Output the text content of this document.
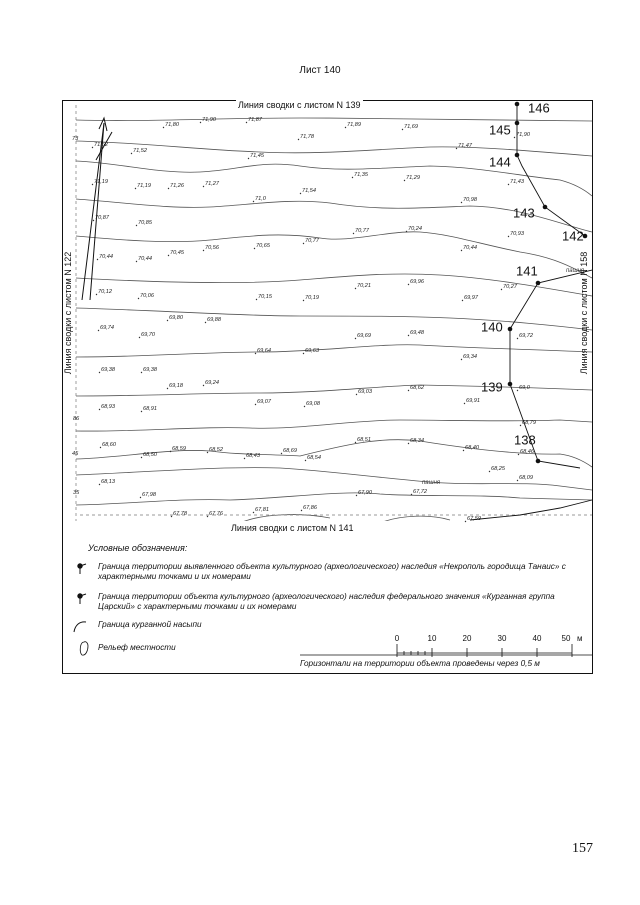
Лист 140
146
145
144
143
142
141
140
139
138
71,80
71,90	71,87
71,89	71,69
71,78
71,62
71,52
71,47
71,90
71,45
71,35	71,29
71,43
71,19
71,19	71,26	71,27
71,54
71,0	70,98
70,87
70,85
70,93
70,77	70,24
70,56	70,65
70,77
70,44	70,44
70,45
70,44
70,27
70,21
69,96
69,97
70,12
70,06	70,15	70,19
69,80	69,88
69,74
69,70	69,48	69,72
69,69
69,64	69,63
69,34
69,38	69,38
69,24
69,18
69,03
69,08
69,07
68,62
69,91
69,0
68,93	68,91
68,79
68,60
68,59
68,50
68,52
68,43
68,69
68,54
68,51	68,34
68,40
68,46
68,13
68,25
68,09
67,98	67,90	67,72
67,78	67,76
67,81	67,86
67,59
73
86
45
35
пашня
пашня
Линия сводки с листом N 139
Линия сводки с листом N 141
Линия сводки с листом N 122	Линия сводки с листом N 158
Условные обозначения:
Граница территории выявленного объекта культурного (археологического) наследия «Некрополь городища Танаис» с характерными точками и их номерами
Граница территории объекта культурного (археологического) наследия федерального значения «Курганная группа Царский» с характерными точками и их номерами
Граница курганной насыпи
Рельеф местности
0	10	20	30	40	50 м
Горизонтали на территории объекта проведены через 0,5 м
157
